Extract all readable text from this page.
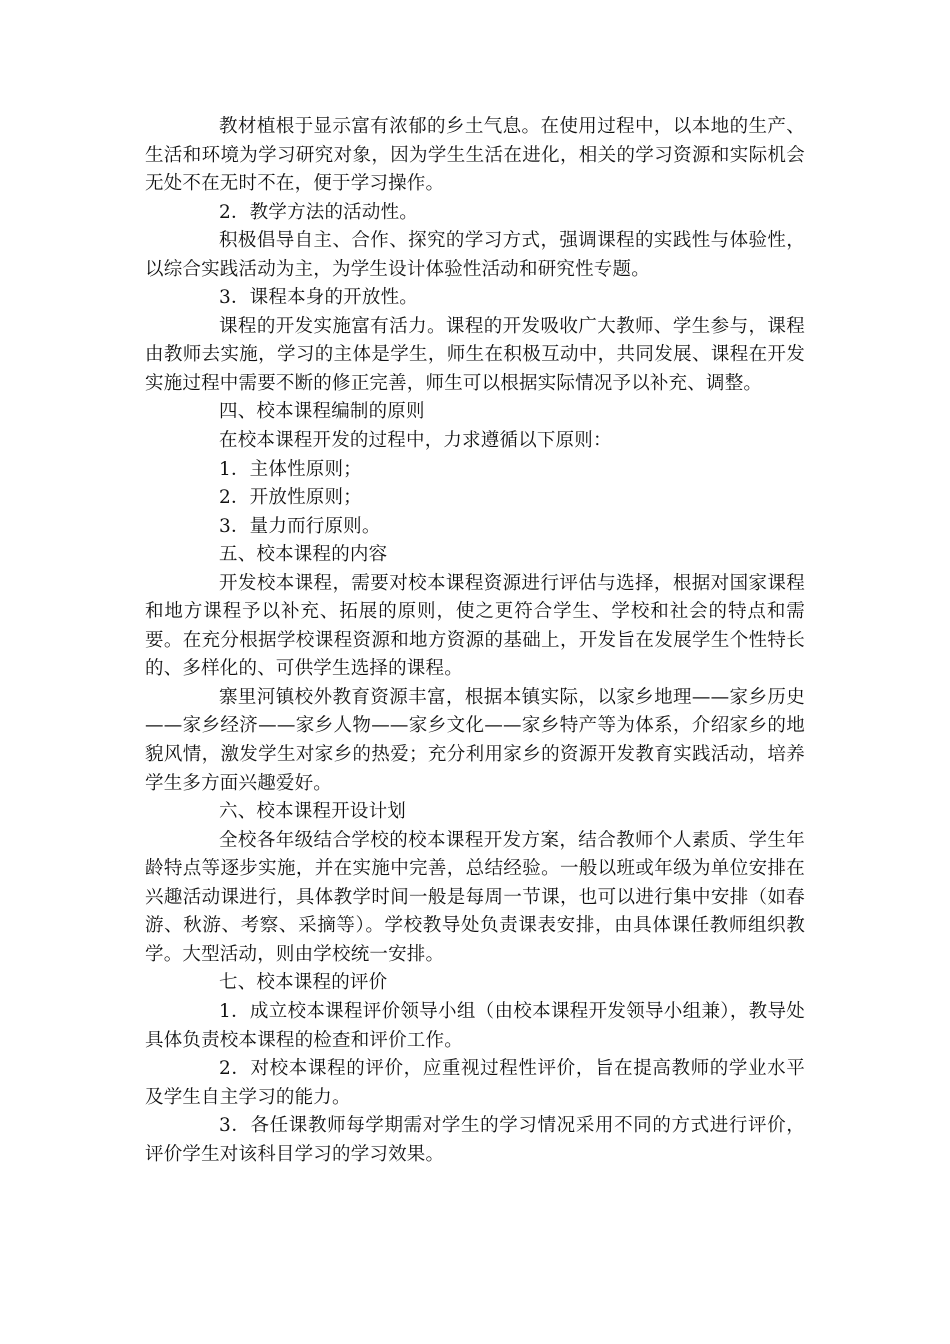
教材植根于显示富有浓郁的乡土气息。在使用过程中，以本地的生产、生活和环境为学习研究对象，因为学生生活在进化，相关的学习资源和实际机会无处不在无时不在，便于学习操作。

2．教学方法的活动性。

积极倡导自主、合作、探究的学习方式，强调课程的实践性与体验性，以综合实践活动为主，为学生设计体验性活动和研究性专题。

3．课程本身的开放性。

课程的开发实施富有活力。课程的开发吸收广大教师、学生参与，课程由教师去实施，学习的主体是学生，师生在积极互动中，共同发展、课程在开发实施过程中需要不断的修正完善，师生可以根据实际情况予以补充、调整。

四、校本课程编制的原则

在校本课程开发的过程中，力求遵循以下原则：

1．主体性原则；

2．开放性原则；

3．量力而行原则。

五、校本课程的内容

开发校本课程，需要对校本课程资源进行评估与选择，根据对国家课程和地方课程予以补充、拓展的原则，使之更符合学生、学校和社会的特点和需要。在充分根据学校课程资源和地方资源的基础上，开发旨在发展学生个性特长的、多样化的、可供学生选择的课程。

寨里河镇校外教育资源丰富，根据本镇实际，以家乡地理——家乡历史——家乡经济——家乡人物——家乡文化——家乡特产等为体系，介绍家乡的地貌风情，激发学生对家乡的热爱；充分利用家乡的资源开发教育实践活动，培养学生多方面兴趣爱好。

六、校本课程开设计划

全校各年级结合学校的校本课程开发方案，结合教师个人素质、学生年龄特点等逐步实施，并在实施中完善，总结经验。一般以班或年级为单位安排在兴趣活动课进行，具体教学时间一般是每周一节课，也可以进行集中安排（如春游、秋游、考察、采摘等）。学校教导处负责课表安排，由具体课任教师组织教学。大型活动，则由学校统一安排。

七、校本课程的评价

1．成立校本课程评价领导小组（由校本课程开发领导小组兼），教导处具体负责校本课程的检查和评价工作。

2．对校本课程的评价，应重视过程性评价，旨在提高教师的学业水平及学生自主学习的能力。

3．各任课教师每学期需对学生的学习情况采用不同的方式进行评价，评价学生对该科目学习的学习效果。
